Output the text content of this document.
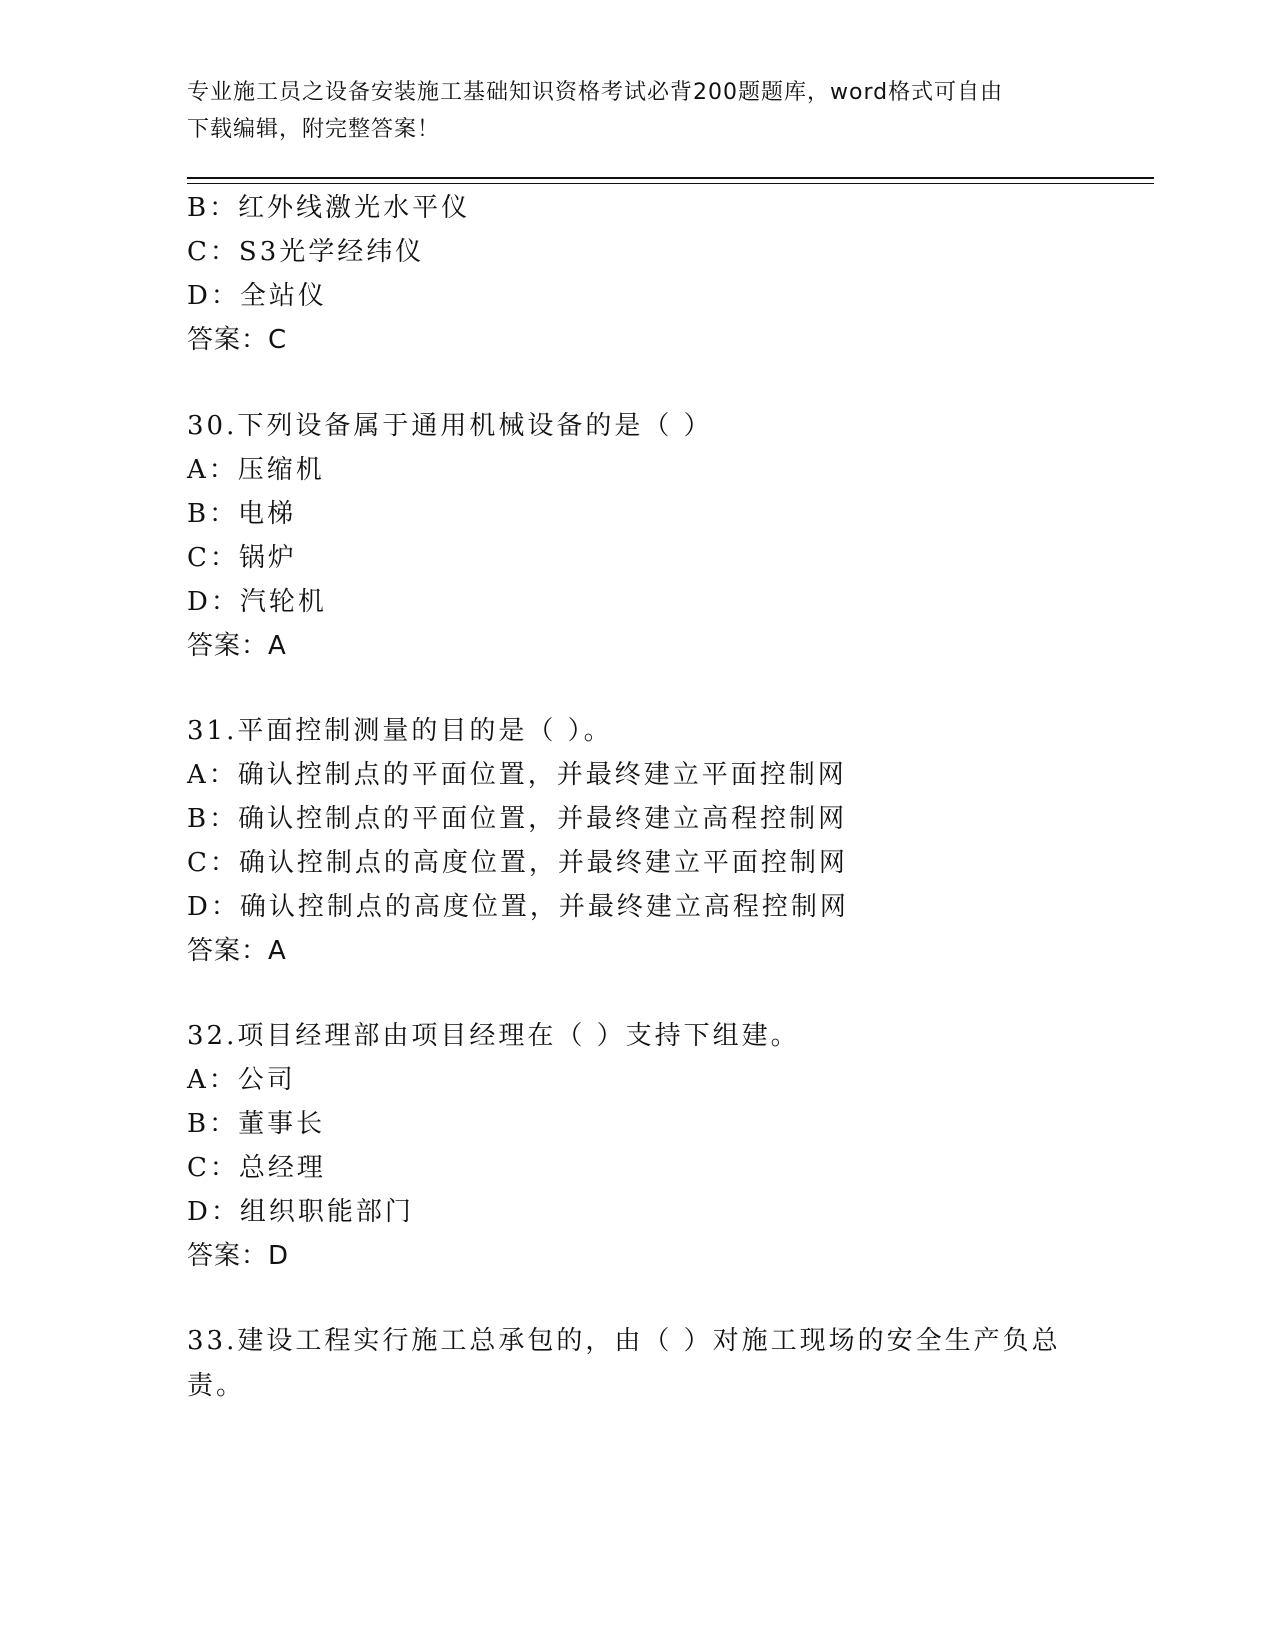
专业施工员之设备安装施工基础知识资格考试必背200题题库，word格式可自由
下载编辑，附完整答案！
B：红外线激光水平仪
C：S3光学经纬仪
D：全站仪
答案：C
30.下列设备属于通用机械设备的是（ ）
A：压缩机
B：电梯
C：锅炉
D：汽轮机
答案：A
31.平面控制测量的目的是（ ）。
A：确认控制点的平面位置，并最终建立平面控制网
B：确认控制点的平面位置，并最终建立高程控制网
C：确认控制点的高度位置，并最终建立平面控制网
D：确认控制点的高度位置，并最终建立高程控制网
答案：A
32.项目经理部由项目经理在（ ）支持下组建。
A：公司
B：董事长
C：总经理
D：组织职能部门
答案：D
33.建设工程实行施工总承包的，由（ ）对施工现场的安全生产负总责。
